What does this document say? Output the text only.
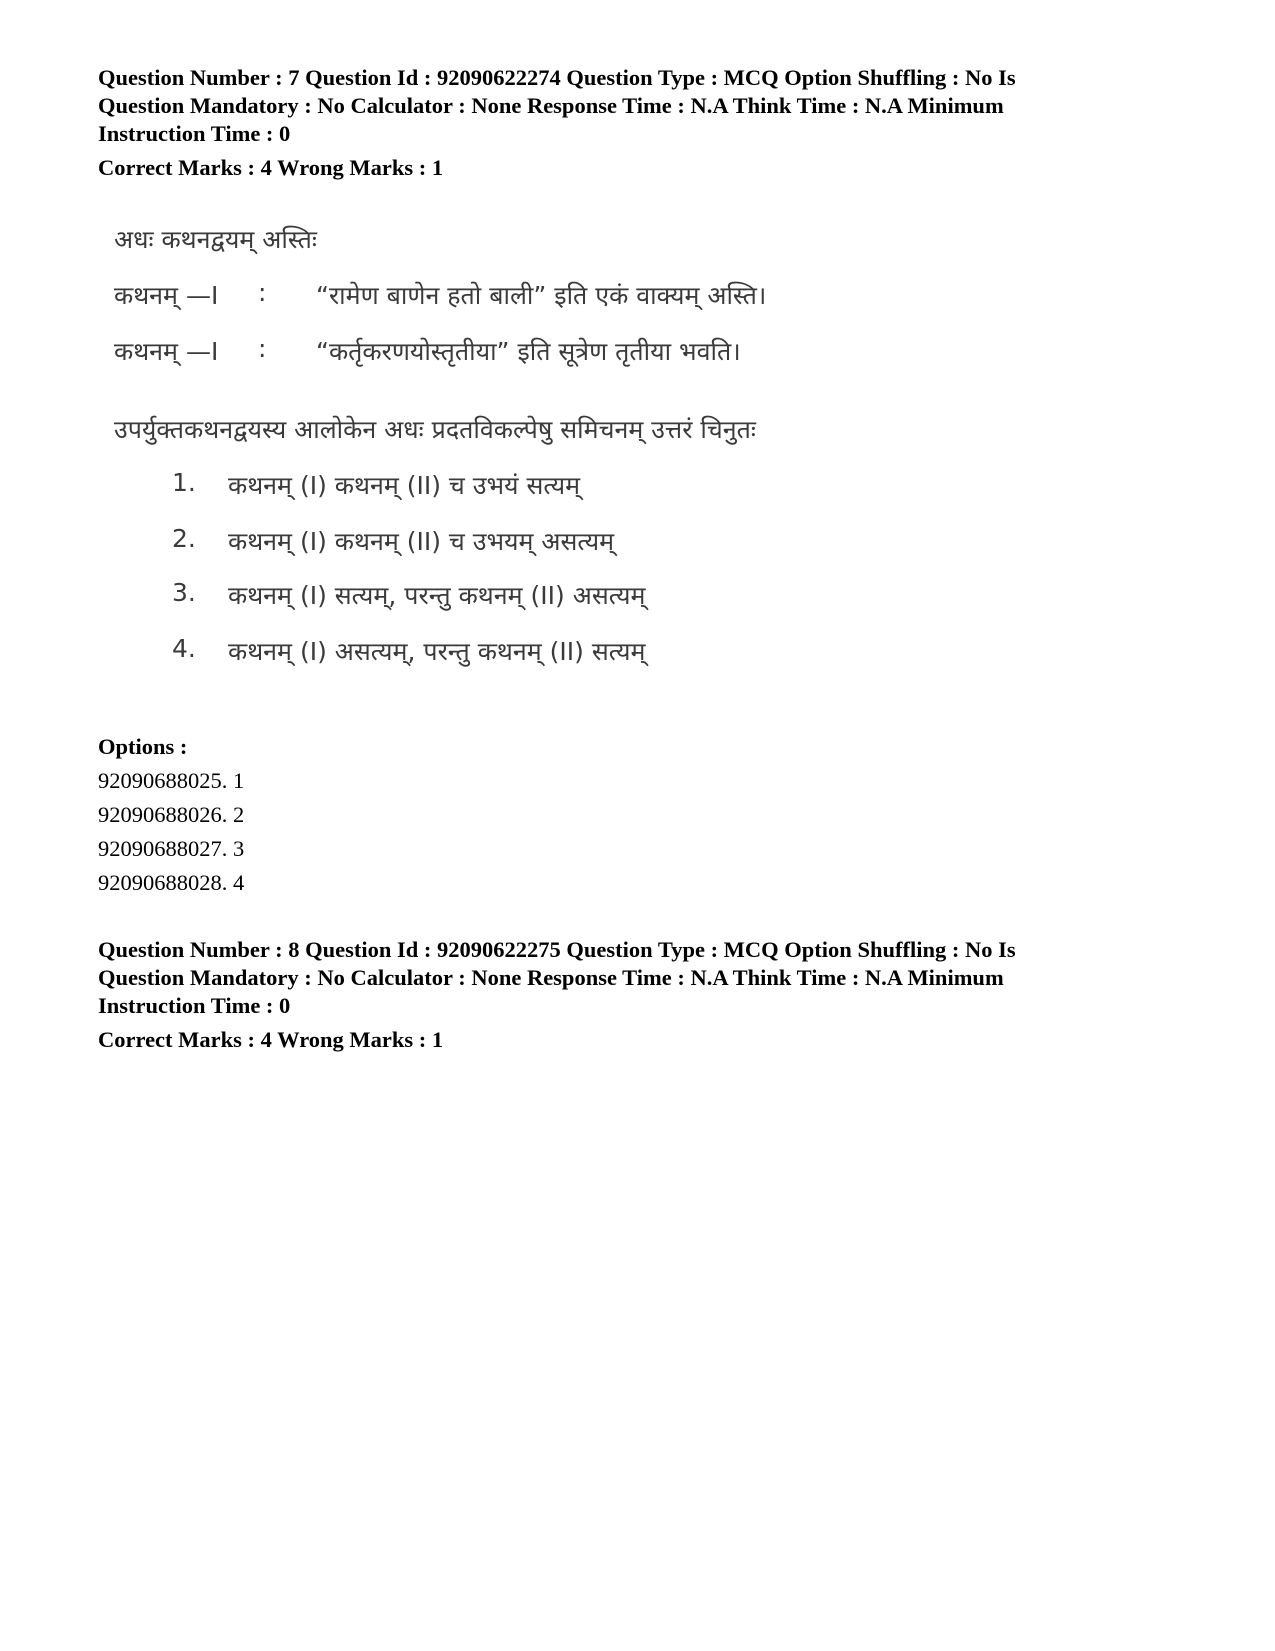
Question Number : 7 Question Id : 92090622274 Question Type : MCQ Option Shuffling : No Is

Question Mandatory : No Calculator : None Response Time : N.A Think Time : N.A Minimum

Instruction Time : 0

Correct Marks : 4 Wrong Marks : 1
अधः कथनद्वयम् अस्तिः
कथनम् —I : “रामेण बाणेन हतो बाली” इति एकं वाक्यम् अस्ति।
कथनम् —I : “कर्तृकरणयोस्तृतीया” इति सूत्रेण तृतीया भवति।
उपर्युक्तकथनद्वयस्य आलोकेन अधः प्रदतविकल्पेषु समिचनम् उत्तरं चिनुतः
1. कथनम् (I) कथनम् (II) च उभयं सत्यम्
2. कथनम् (I) कथनम् (II) च उभयम् असत्यम्
3. कथनम् (I) सत्यम्, परन्तु कथनम् (II) असत्यम्
4. कथनम् (I) असत्यम्, परन्तु कथनम् (II) सत्यम्
Options :
92090688025. 1
92090688026. 2
92090688027. 3
92090688028. 4

Question Number : 8 Question Id : 92090622275 Question Type : MCQ Option Shuffling : No Is

Question Mandatory : No Calculator : None Response Time : N.A Think Time : N.A Minimum

Instruction Time : 0

Correct Marks : 4 Wrong Marks : 1
